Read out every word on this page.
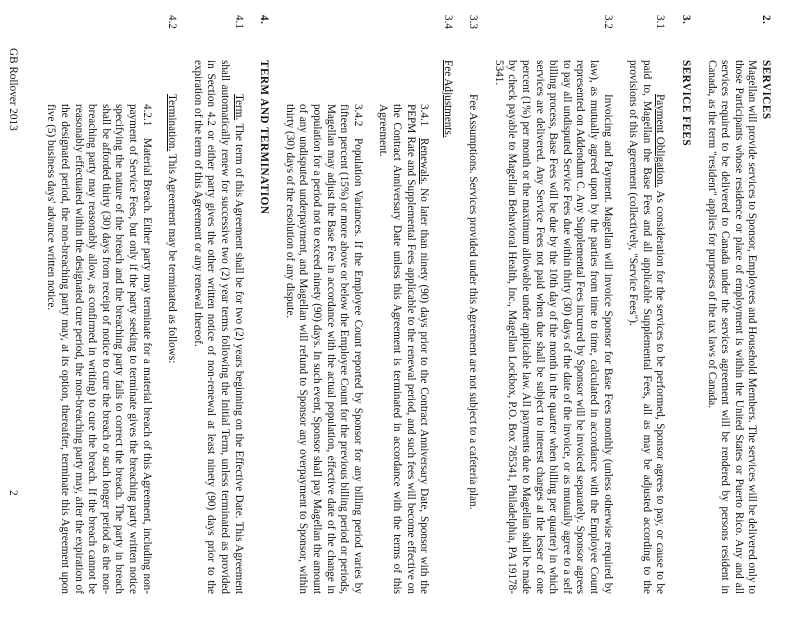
2.
SERVICES

Magellan will provide services to Sponsor, Employees and Household Members. The services will be delivered only to those Participants whose residence or place of employment is within the United States or Puerto Rico. Any and all services required to be delivered to Canada under the services agreement will be rendered by persons resident in Canada, as the term "resident" applies for purposes of the tax laws of Canada.

3.
SERVICE FEES
3.1

Payment Obligation. As consideration for the services to be performed, Sponsor agrees to pay, or cause to be paid to, Magellan the Base Fees and all applicable Supplemental Fees, all as may be adjusted according to the provisions of this Agreement (collectively, "Service Fees").

3.2

Invoicing and Payment. Magellan will invoice Sponsor for Base Fees monthly (unless otherwise required by law), as mutually agreed upon by the parties from time to time, calculated in accordance with the Employee Count represented on Addendum C. Any Supplemental Fees incurred by Sponsor will be invoiced separately. Sponsor agrees to pay all undisputed Service Fees due within thirty (30) days of the date of the invoice, or as mutually agree to a self billing process, Base Fees will be due by the 10th day of the month in the quarter when billing per quarter) in which services are delivered. Any Service Fees not paid when due shall be subject to interest charges at the lesser of one percent (1%) per month or the maximum allowable under applicable law. All payments due to Magellan shall be made by check payable to Magellan Behavioral Health, Inc., Magellan Lockbox, P.O. Box 785341, Philadelphia, PA 19178-5341.

3.3

Fee Assumptions. Services provided under this Agreement are not subject to a cafeteria plan.

3.4

Fee Adjustments.

3.4.1Renewals. No later than ninety (90) days prior to the Contract Anniversary Date, Sponsor with the PEPM Rate and Supplemental Fees applicable to the renewal period, and such fees will become effective on the Contract Anniversary Date unless this Agreement is terminated in accordance with the terms of this Agreement.

3.4.2Population Variances. If the Employee Count reported by Sponsor for any billing period varies by fifteen percent (15%) or more above or below the Employee Count for the previous billing period or periods, Magellan may adjust the Base Fee in accordance with the actual population, effective date of the change in population for a period not to exceed ninety (90) days. In such event, Sponsor shall pay Magellan the amount of any undisputed underpayment, and Magellan will refund to Sponsor any overpayment to Sponsor, within thirty (30) days of the resolution of any dispute.

4.
TERM AND TERMINATION
4.1

Term. The term of this Agreement shall be for two (2) years beginning on the Effective Date. This Agreement shall automatically renew for successive two (2) year terms following the Initial Term, unless terminated as provided in Section 4.2 or either party gives the other written notice of non-renewal at least ninety (90) days prior to the expiration of the term of this Agreement or any renewal thereof.

4.2

Termination. This Agreement may be terminated as follows:

4.2.1Material Breach. Either party may terminate for a material breach of this Agreement, including non-payment of Service Fees, but only if the party seeking to terminate gives the breaching party written notice specifying the nature of the breach and the breaching party fails to correct the breach. The party in breach shall be afforded thirty (30) days from receipt of notice to cure the breach or such longer period as the non-breaching party may reasonably allow, as confirmed in writing) to cure the breach. If the breach cannot be reasonably effectuated within the designated cure period, the non-breaching party may, after the expiration of the designated period, the non-breaching party may, at its option, thereafter, terminate this Agreement upon five (5) business days' advance written notice.

GB Rollover 2013
2
